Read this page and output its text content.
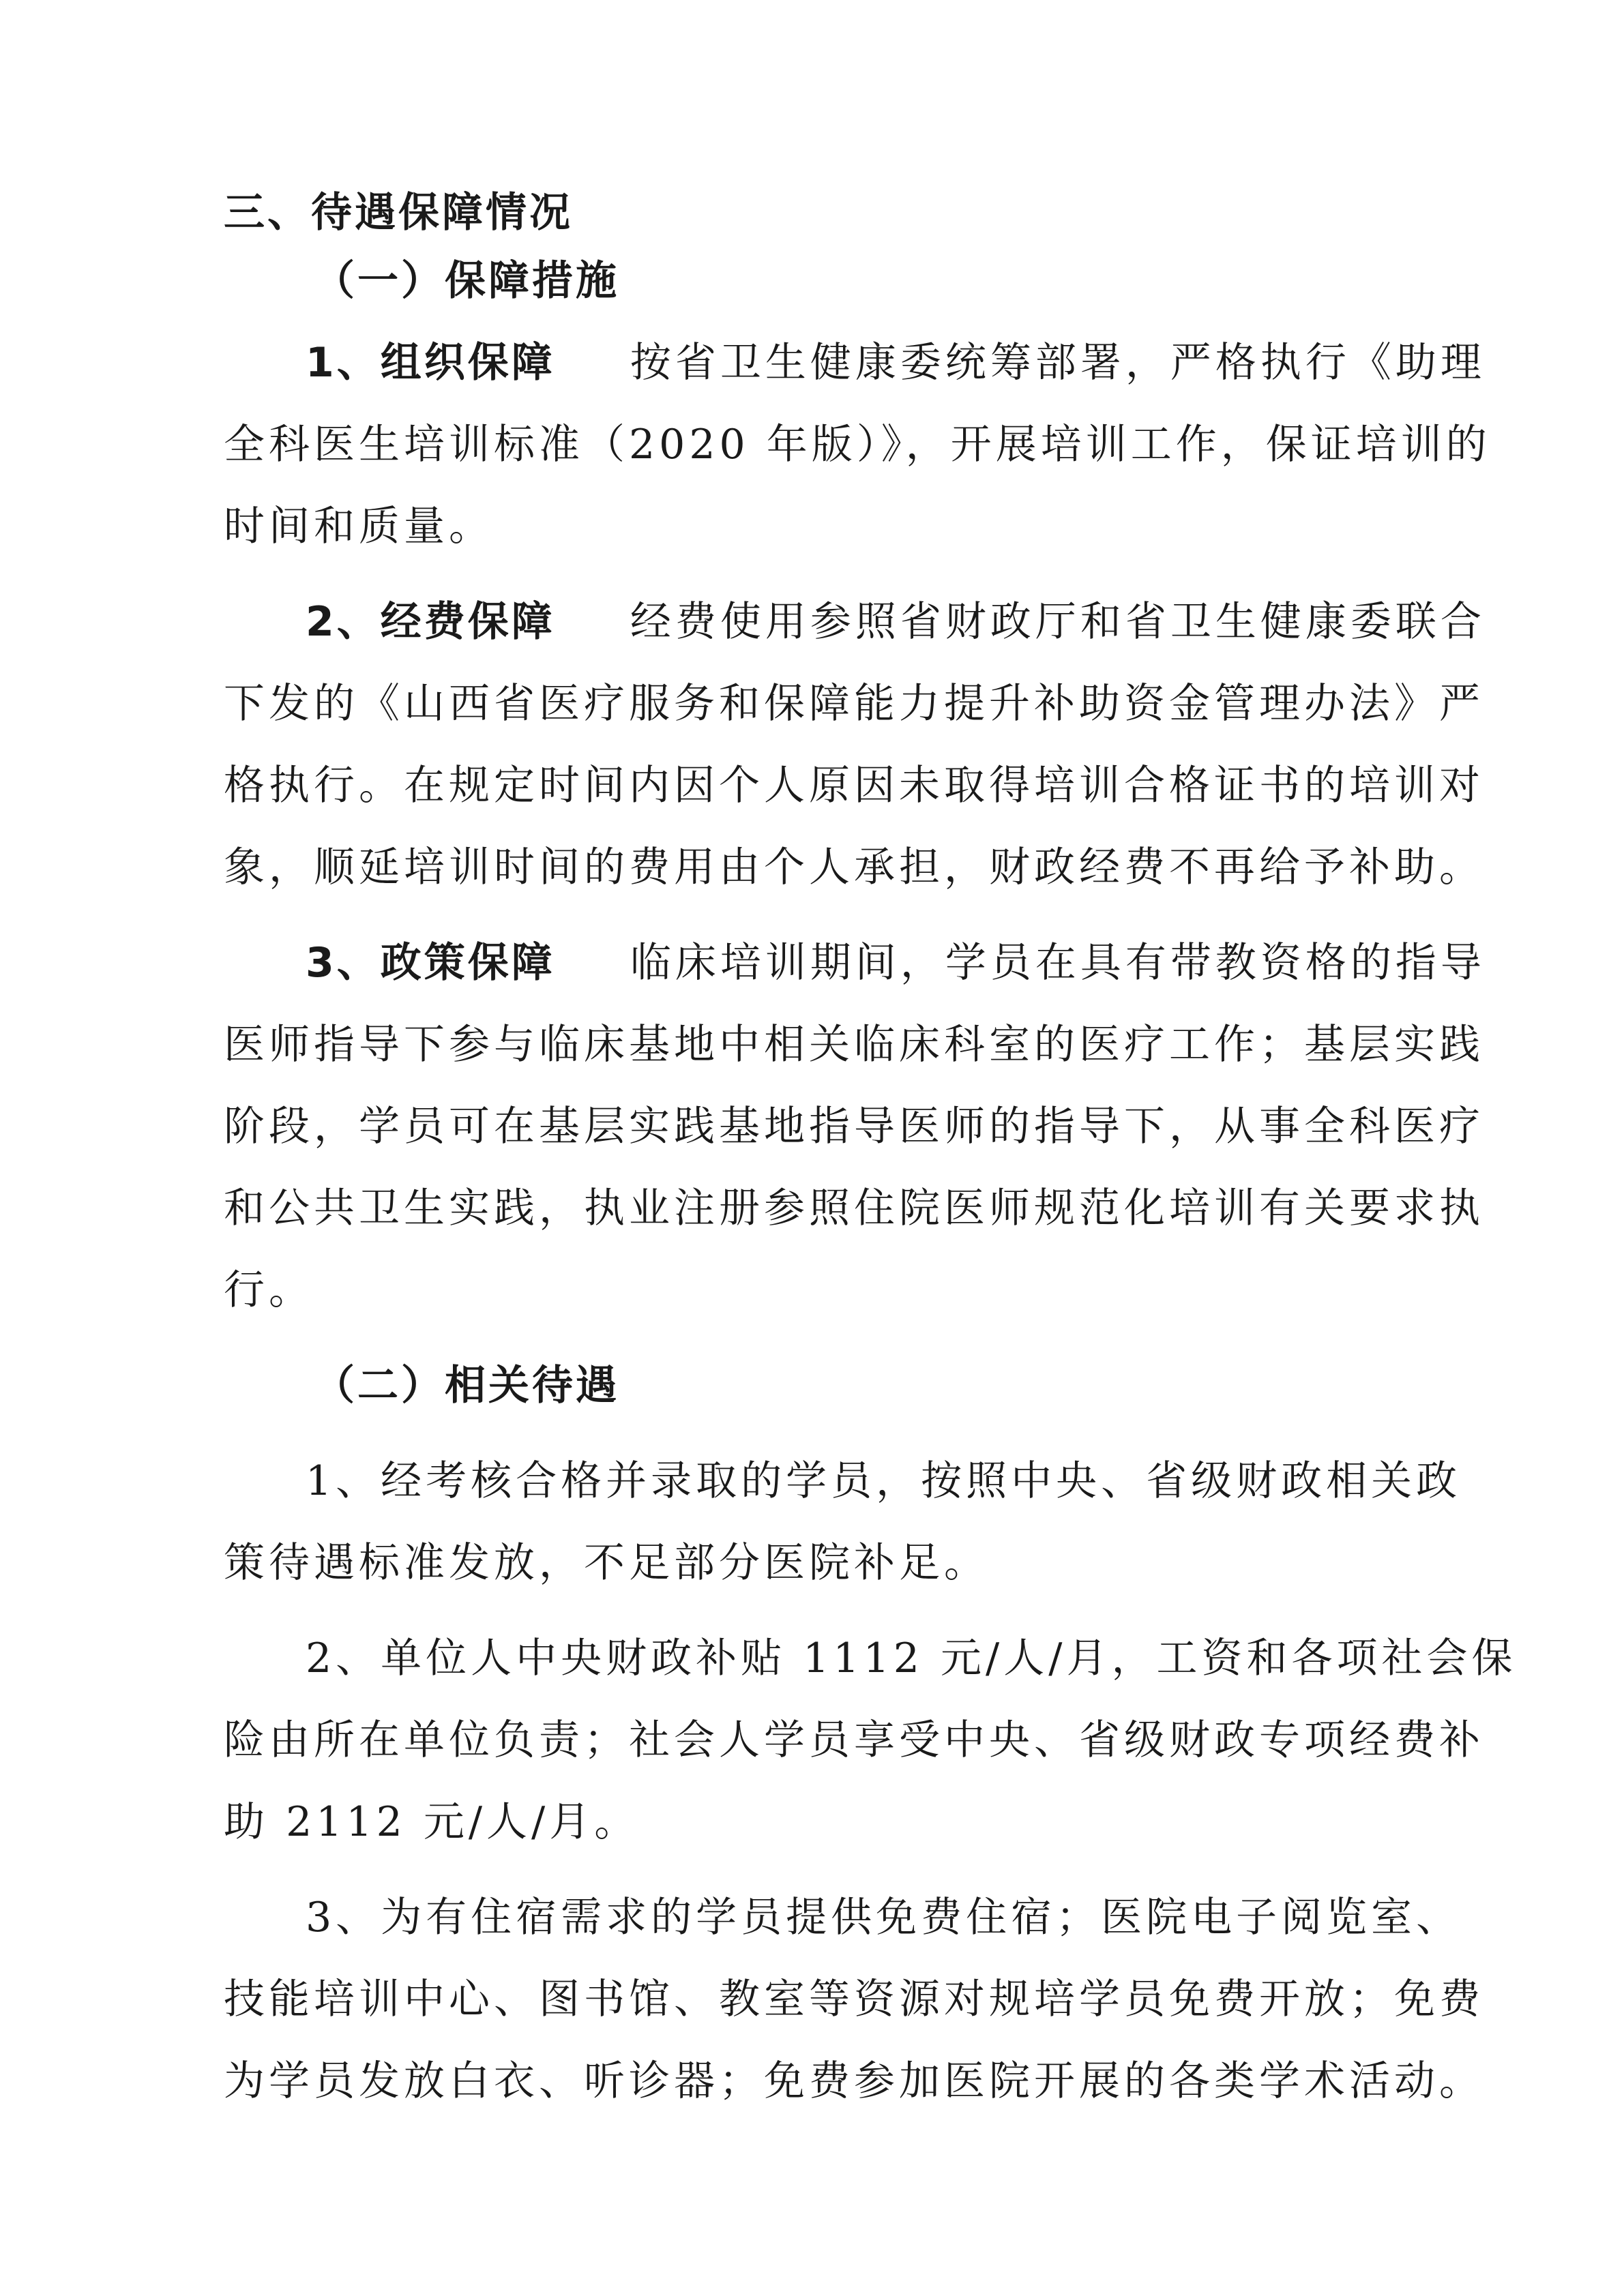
三、待遇保障情况
（一）保障措施
1、组织保障 按省卫生健康委统筹部署，严格执行《助理
全科医生培训标准（2020 年版）》，开展培训工作，保证培训的
时间和质量。
2、经费保障 经费使用参照省财政厅和省卫生健康委联合
下发的《山西省医疗服务和保障能力提升补助资金管理办法》严
格执行。在规定时间内因个人原因未取得培训合格证书的培训对
象，顺延培训时间的费用由个人承担，财政经费不再给予补助。
3、政策保障 临床培训期间，学员在具有带教资格的指导
医师指导下参与临床基地中相关临床科室的医疗工作；基层实践
阶段，学员可在基层实践基地指导医师的指导下，从事全科医疗
和公共卫生实践，执业注册参照住院医师规范化培训有关要求执
行。
（二）相关待遇
1、经考核合格并录取的学员，按照中央、省级财政相关政
策待遇标准发放，不足部分医院补足。
2、单位人中央财政补贴 1112 元/人/月，工资和各项社会保
险由所在单位负责；社会人学员享受中央、省级财政专项经费补
助 2112 元/人/月。
3、为有住宿需求的学员提供免费住宿；医院电子阅览室、
技能培训中心、图书馆、教室等资源对规培学员免费开放；免费
为学员发放白衣、听诊器；免费参加医院开展的各类学术活动。
